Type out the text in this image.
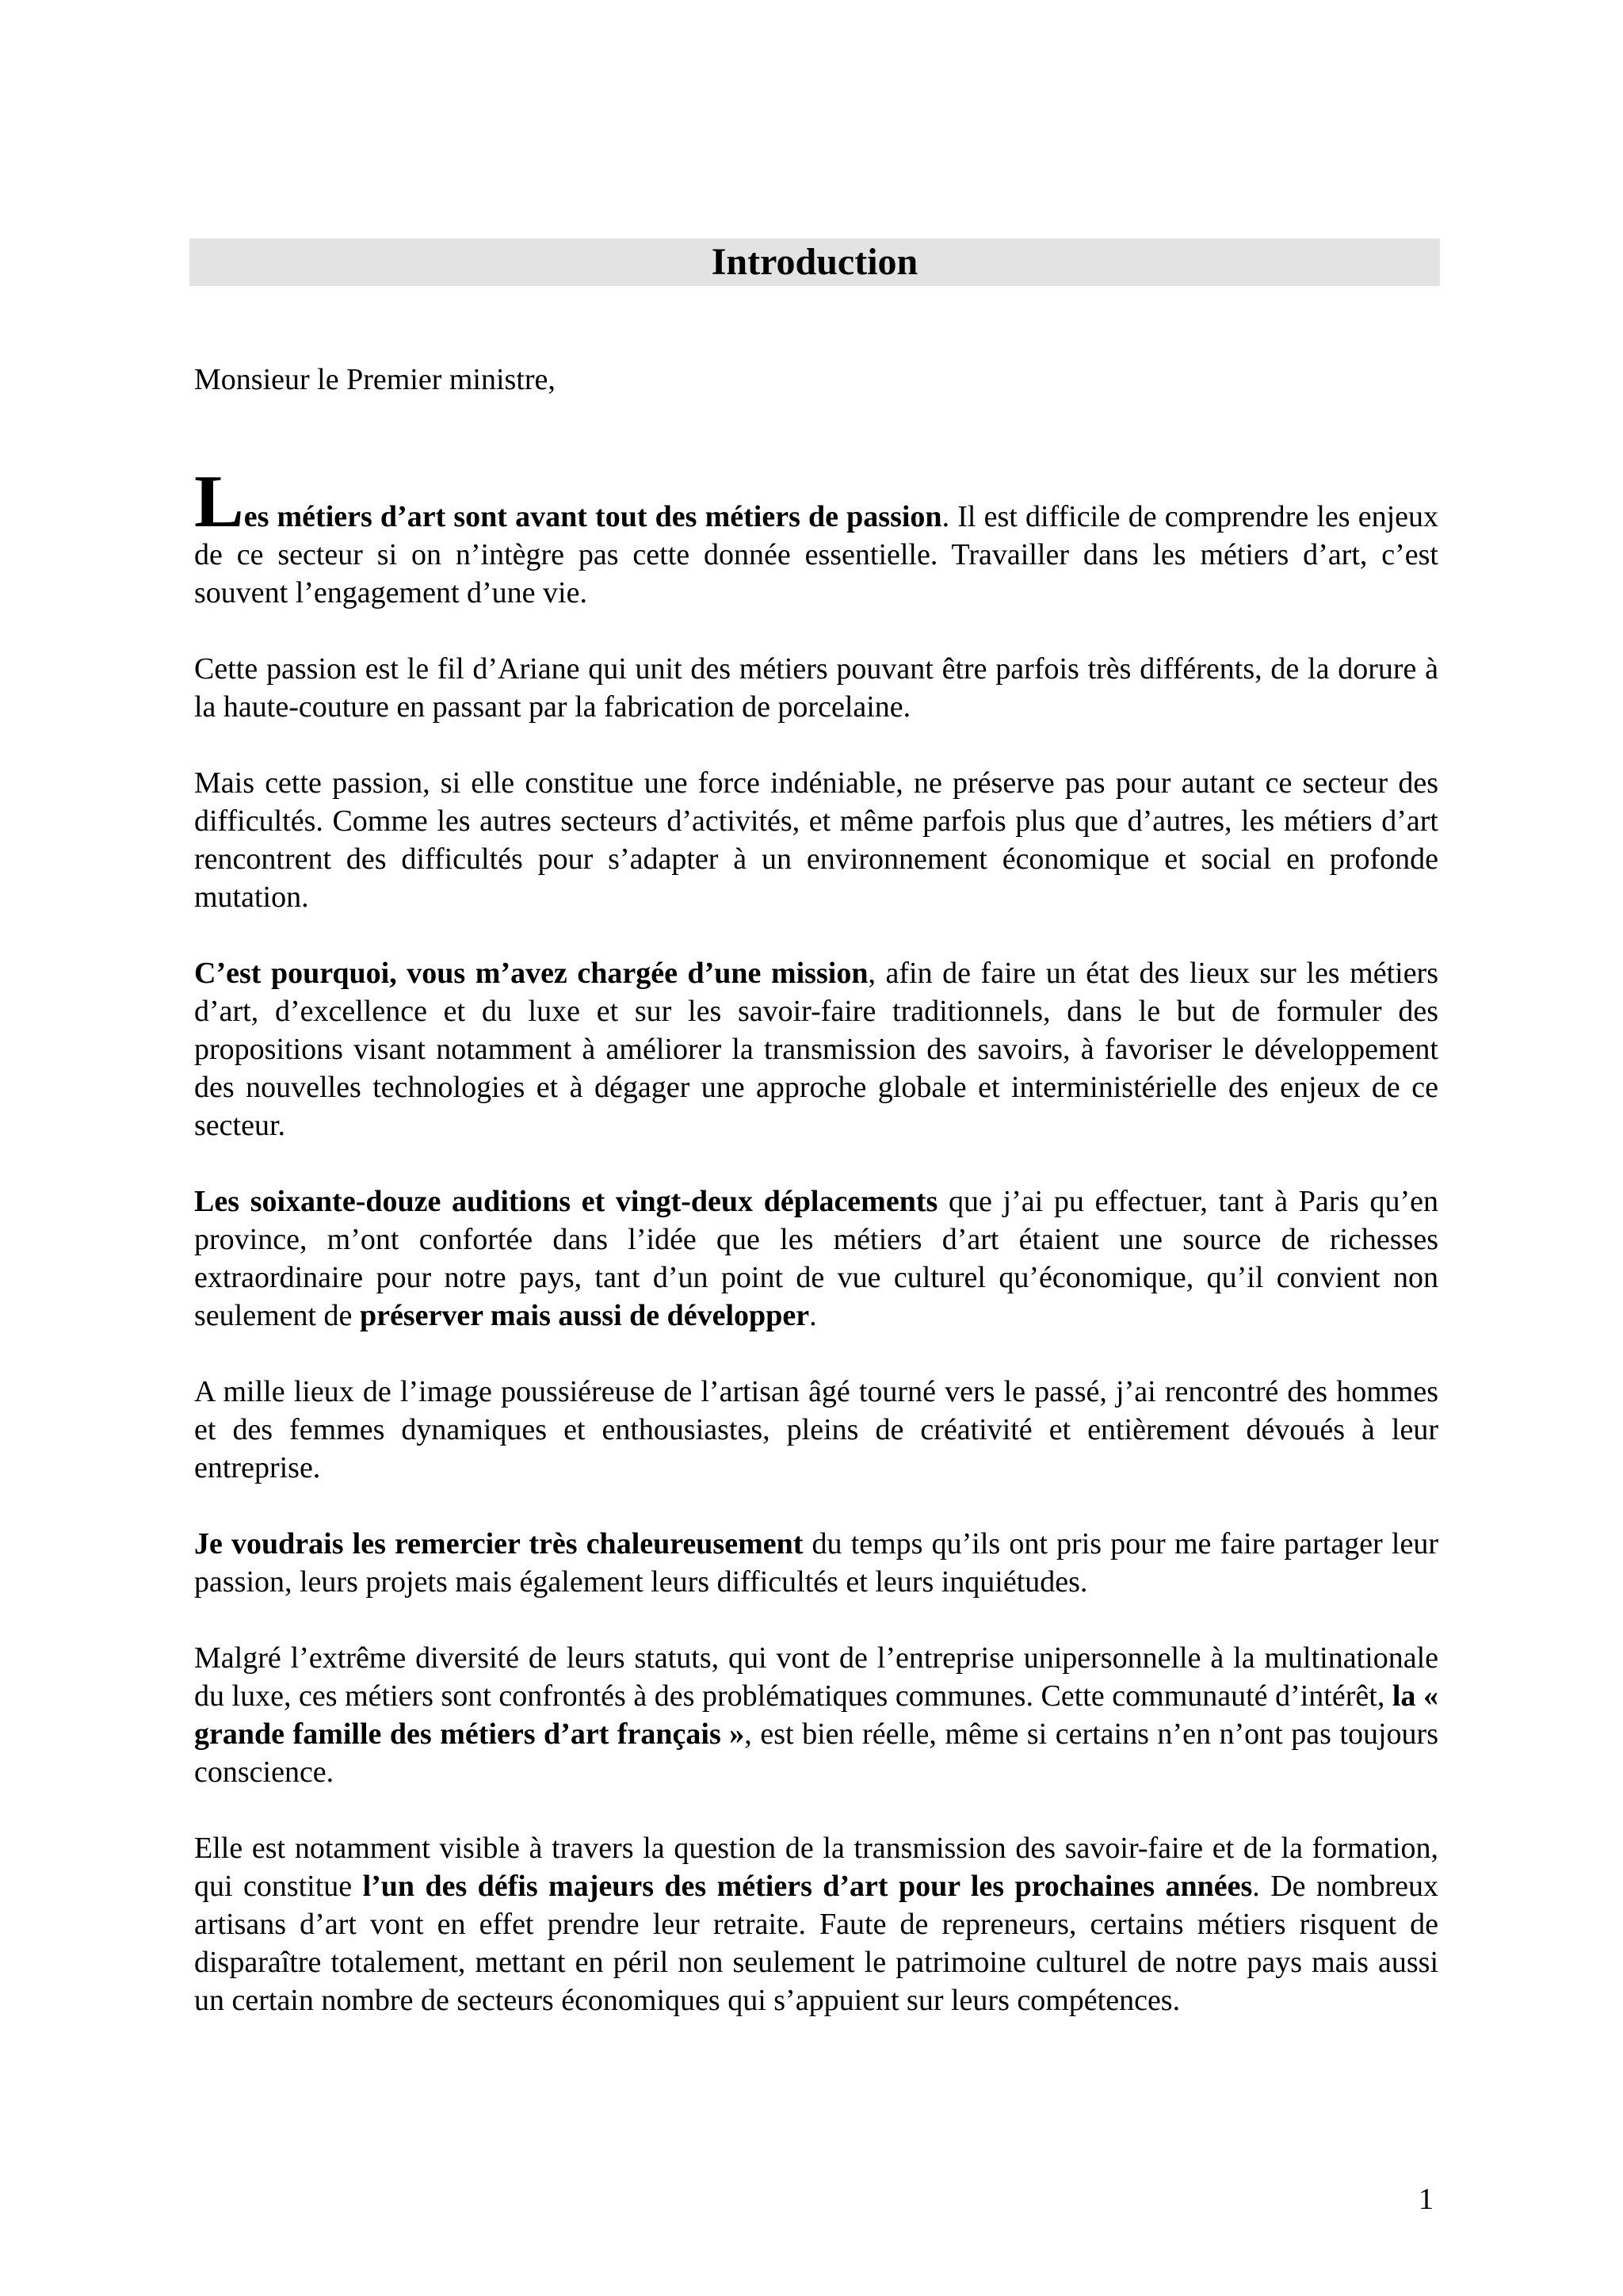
Introduction

Monsieur le Premier ministre,

Les métiers d’art sont avant tout des métiers de passion. Il est difficile de comprendre les enjeux de ce secteur si on n’intègre pas cette donnée essentielle. Travailler dans les métiers d’art, c’est souvent l’engagement d’une vie.

Cette passion est le fil d’Ariane qui unit des métiers pouvant être parfois très différents, de la dorure à la haute-couture en passant par la fabrication de porcelaine.

Mais cette passion, si elle constitue une force indéniable, ne préserve pas pour autant ce secteur des difficultés. Comme les autres secteurs d’activités, et même parfois plus que d’autres, les métiers d’art rencontrent des difficultés pour s’adapter à un environnement économique et social en profonde mutation.

C’est pourquoi, vous m’avez chargée d’une mission, afin de faire un état des lieux sur les métiers d’art, d’excellence et du luxe et sur les savoir-faire traditionnels, dans le but de formuler des propositions visant notamment à améliorer la transmission des savoirs, à favoriser le développement des nouvelles technologies et à dégager une approche globale et interministérielle des enjeux de ce secteur.

Les soixante-douze auditions et vingt-deux déplacements que j’ai pu effectuer, tant à Paris qu’en province, m’ont confortée dans l’idée que les métiers d’art étaient une source de richesses extraordinaire pour notre pays, tant d’un point de vue culturel qu’économique, qu’il convient non seulement de préserver mais aussi de développer.

A mille lieux de l’image poussiéreuse de l’artisan âgé tourné vers le passé, j’ai rencontré des hommes et des femmes dynamiques et enthousiastes, pleins de créativité et entièrement dévoués à leur entreprise.

Je voudrais les remercier très chaleureusement du temps qu’ils ont pris pour me faire partager leur passion, leurs projets mais également leurs difficultés et leurs inquiétudes.

Malgré l’extrême diversité de leurs statuts, qui vont de l’entreprise unipersonnelle à la multinationale du luxe, ces métiers sont confrontés à des problématiques communes. Cette communauté d’intérêt, la « grande famille des métiers d’art français », est bien réelle, même si certains n’en n’ont pas toujours conscience.

Elle est notamment visible à travers la question de la transmission des savoir-faire et de la formation, qui constitue l’un des défis majeurs des métiers d’art pour les prochaines années. De nombreux artisans d’art vont en effet prendre leur retraite. Faute de repreneurs, certains métiers risquent de disparaître totalement, mettant en péril non seulement le patrimoine culturel de notre pays mais aussi un certain nombre de secteurs économiques qui s’appuient sur leurs compétences.

1
